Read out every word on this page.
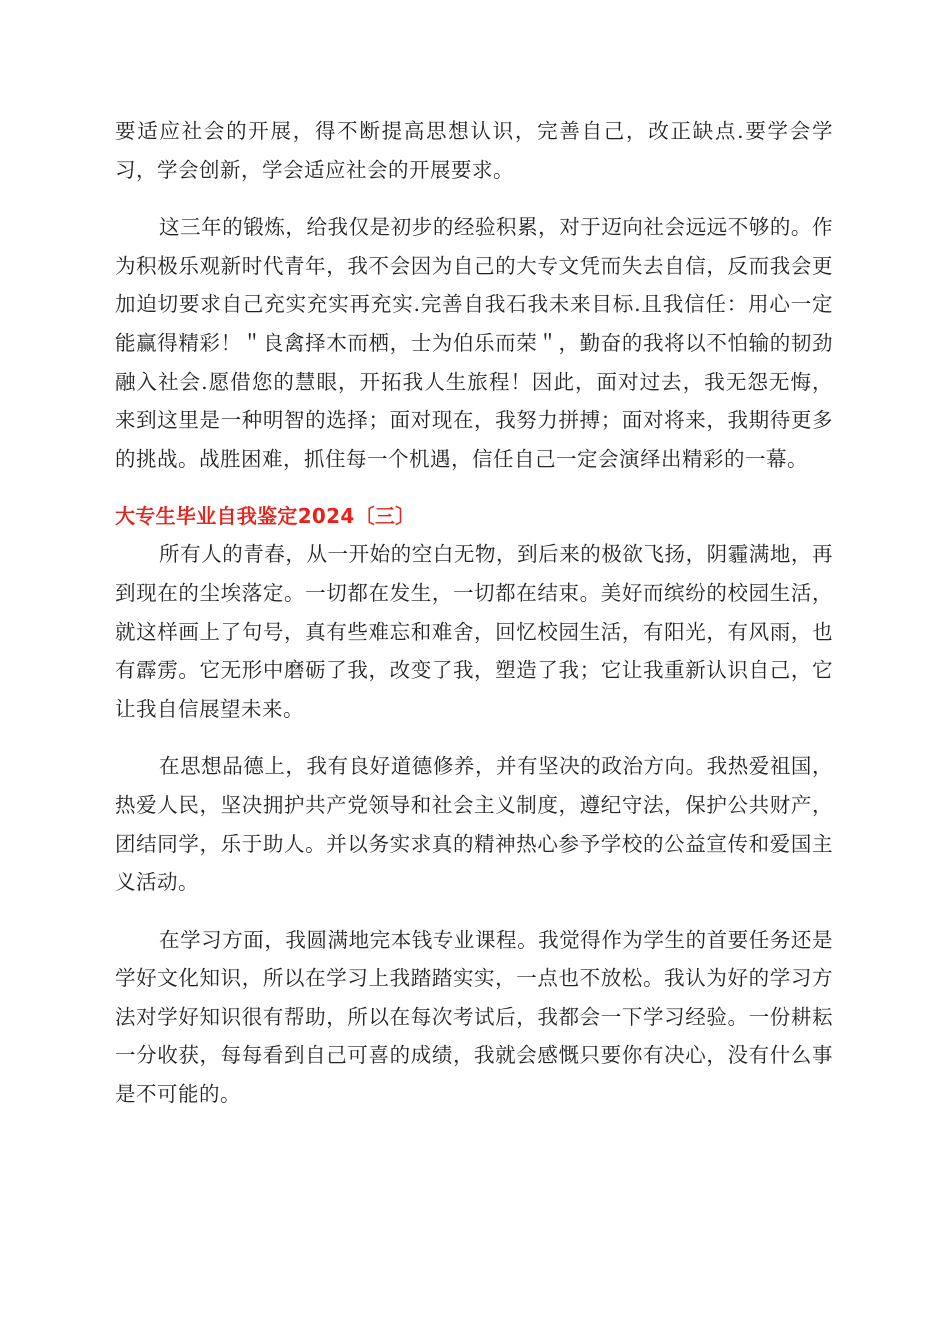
要适应社会的开展，得不断提高思想认识，完善自己，改正缺点.要学会学习，学会创新，学会适应社会的开展要求。

这三年的锻炼，给我仅是初步的经验积累，对于迈向社会远远不够的。作为积极乐观新时代青年，我不会因为自己的大专文凭而失去自信，反而我会更加迫切要求自己充实充实再充实.完善自我石我未来目标.且我信任：用心一定能赢得精彩！＂良禽择木而栖，士为伯乐而荣＂，勤奋的我将以不怕输的韧劲融入社会.愿借您的慧眼，开拓我人生旅程！因此，面对过去，我无怨无悔，来到这里是一种明智的选择；面对现在，我努力拼搏；面对将来，我期待更多的挑战。战胜困难，抓住每一个机遇，信任自己一定会演绎出精彩的一幕。

大专生毕业自我鉴定2024〔三〕

所有人的青春，从一开始的空白无物，到后来的极欲飞扬，阴霾满地，再到现在的尘埃落定。一切都在发生，一切都在结束。美好而缤纷的校园生活，就这样画上了句号，真有些难忘和难舍，回忆校园生活，有阳光，有风雨，也有霹雳。它无形中磨砺了我，改变了我，塑造了我；它让我重新认识自己，它让我自信展望未来。

在思想品德上，我有良好道德修养，并有坚决的政治方向。我热爱祖国，热爱人民，坚决拥护共产党领导和社会主义制度，遵纪守法，保护公共财产，团结同学，乐于助人。并以务实求真的精神热心参予学校的公益宣传和爱国主义活动。

在学习方面，我圆满地完本钱专业课程。我觉得作为学生的首要任务还是学好文化知识，所以在学习上我踏踏实实，一点也不放松。我认为好的学习方法对学好知识很有帮助，所以在每次考试后，我都会一下学习经验。一份耕耘一分收获，每每看到自己可喜的成绩，我就会感慨只要你有决心，没有什么事是不可能的。
